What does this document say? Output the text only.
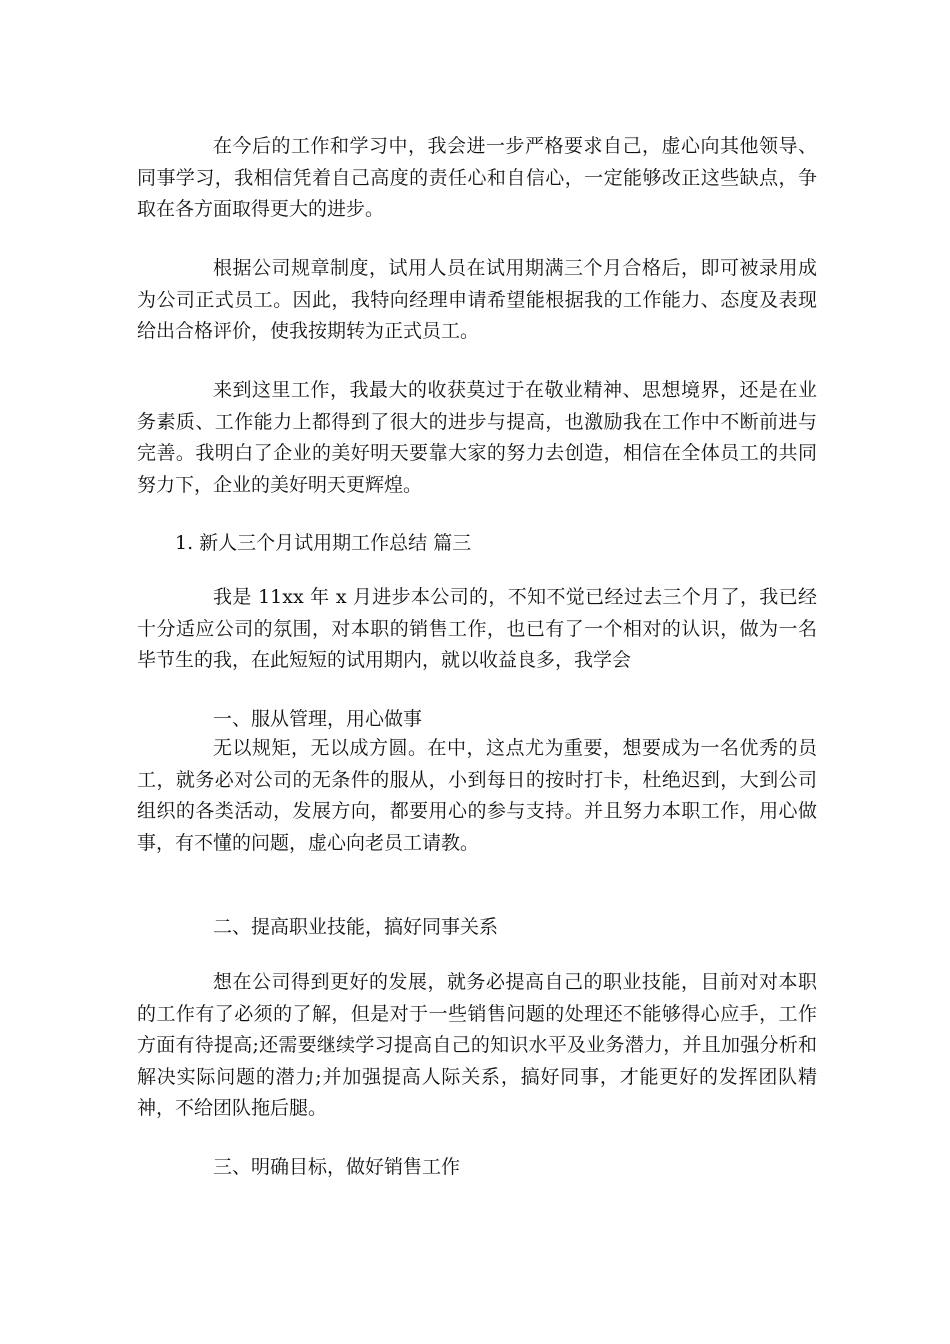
在今后的工作和学习中，我会进一步严格要求自己，虚心向其他领导、同事学习，我相信凭着自己高度的责任心和自信心，一定能够改正这些缺点，争取在各方面取得更大的进步。

根据公司规章制度，试用人员在试用期满三个月合格后，即可被录用成为公司正式员工。因此，我特向经理申请希望能根据我的工作能力、态度及表现给出合格评价，使我按期转为正式员工。

来到这里工作，我最大的收获莫过于在敬业精神、思想境界，还是在业务素质、工作能力上都得到了很大的进步与提高，也激励我在工作中不断前进与完善。我明白了企业的美好明天要靠大家的努力去创造，相信在全体员工的共同努力下，企业的美好明天更辉煌。

1. 新人三个月试用期工作总结 篇三

我是 11xx 年 x 月进步本公司的，不知不觉已经过去三个月了，我已经十分适应公司的氛围，对本职的销售工作，也已有了一个相对的认识，做为一名毕节生的我，在此短短的试用期内，就以收益良多，我学会

一、服从管理，用心做事

无以规矩，无以成方圆。在中，这点尤为重要，想要成为一名优秀的员工，就务必对公司的无条件的服从，小到每日的按时打卡，杜绝迟到，大到公司组织的各类活动，发展方向，都要用心的参与支持。并且努力本职工作，用心做事，有不懂的问题，虚心向老员工请教。

二、提高职业技能，搞好同事关系

想在公司得到更好的发展，就务必提高自己的职业技能，目前对对本职的工作有了必须的了解，但是对于一些销售问题的处理还不能够得心应手，工作方面有待提高;还需要继续学习提高自己的知识水平及业务潜力，并且加强分析和解决实际问题的潜力;并加强提高人际关系，搞好同事，才能更好的发挥团队精神，不给团队拖后腿。

三、明确目标，做好销售工作
